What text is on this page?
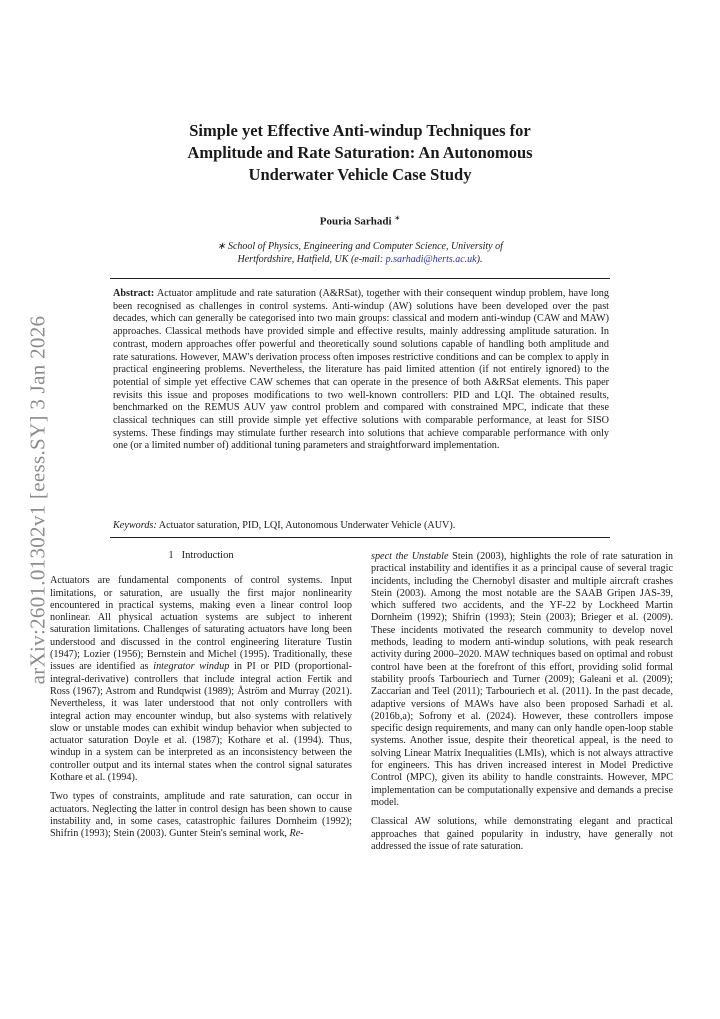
arXiv:2601.01302v1 [eess.SY] 3 Jan 2026
Simple yet Effective Anti-windup Techniques for
Amplitude and Rate Saturation: An Autonomous
Underwater Vehicle Case Study
Pouria Sarhadi ∗
∗ School of Physics, Engineering and Computer Science, University of
Hertfordshire, Hatfield, UK (e-mail: p.sarhadi@herts.ac.uk).
Abstract: Actuator amplitude and rate saturation (A&RSat), together with their consequent windup problem, have long been recognised as challenges in control systems. Anti-windup (AW) solutions have been developed over the past decades, which can generally be categorised into two main groups: classical and modern anti-windup (CAW and MAW) approaches. Classical methods have provided simple and effective results, mainly addressing amplitude saturation. In contrast, modern approaches offer powerful and theoretically sound solutions capable of handling both amplitude and rate saturations. However, MAW's derivation process often imposes restrictive conditions and can be complex to apply in practical engineering problems. Nevertheless, the literature has paid limited attention (if not entirely ignored) to the potential of simple yet effective CAW schemes that can operate in the presence of both A&RSat elements. This paper revisits this issue and proposes modifications to two well-known controllers: PID and LQI. The obtained results, benchmarked on the REMUS AUV yaw control problem and compared with constrained MPC, indicate that these classical techniques can still provide simple yet effective solutions with comparable performance, at least for SISO systems. These findings may stimulate further research into solutions that achieve comparable performance with only one (or a limited number of) additional tuning parameters and straightforward implementation.
Keywords: Actuator saturation, PID, LQI, Autonomous Underwater Vehicle (AUV).
1 Introduction

Actuators are fundamental components of control systems. Input limitations, or saturation, are usually the first major nonlinearity encountered in practical systems, making even a linear control loop nonlinear. All physical actuation systems are subject to inherent saturation limitations. Challenges of saturating actuators have long been understood and discussed in the control engineering literature Tustin (1947); Lozier (1956); Bernstein and Michel (1995). Traditionally, these issues are identified as integrator windup in PI or PID (proportional-integral-derivative) controllers that include integral action Fertik and Ross (1967); Astrom and Rundqwist (1989); Åström and Murray (2021). Nevertheless, it was later understood that not only controllers with integral action may encounter windup, but also systems with relatively slow or unstable modes can exhibit windup behavior when subjected to actuator saturation Doyle et al. (1987); Kothare et al. (1994). Thus, windup in a system can be interpreted as an inconsistency between the controller output and its internal states when the control signal saturates Kothare et al. (1994).

Two types of constraints, amplitude and rate saturation, can occur in actuators. Neglecting the latter in control design has been shown to cause instability and, in some cases, catastrophic failures Dornheim (1992); Shifrin (1993); Stein (2003). Gunter Stein's seminal work, Re-

spect the Unstable Stein (2003), highlights the role of rate saturation in practical instability and identifies it as a principal cause of several tragic incidents, including the Chernobyl disaster and multiple aircraft crashes Stein (2003). Among the most notable are the SAAB Gripen JAS-39, which suffered two accidents, and the YF-22 by Lockheed Martin Dornheim (1992); Shifrin (1993); Stein (2003); Brieger et al. (2009). These incidents motivated the research community to develop novel methods, leading to modern anti-windup solutions, with peak research activity during 2000–2020. MAW techniques based on optimal and robust control have been at the forefront of this effort, providing solid formal stability proofs Tarbouriech and Turner (2009); Galeani et al. (2009); Zaccarian and Teel (2011); Tarbouriech et al. (2011). In the past decade, adaptive versions of MAWs have also been proposed Sarhadi et al. (2016b,a); Sofrony et al. (2024). However, these controllers impose specific design requirements, and many can only handle open-loop stable systems. Another issue, despite their theoretical appeal, is the need to solving Linear Matrix Inequalities (LMIs), which is not always attractive for engineers. This has driven increased interest in Model Predictive Control (MPC), given its ability to handle constraints. However, MPC implementation can be computationally expensive and demands a precise model.

Classical AW solutions, while demonstrating elegant and practical approaches that gained popularity in industry, have generally not addressed the issue of rate saturation.
